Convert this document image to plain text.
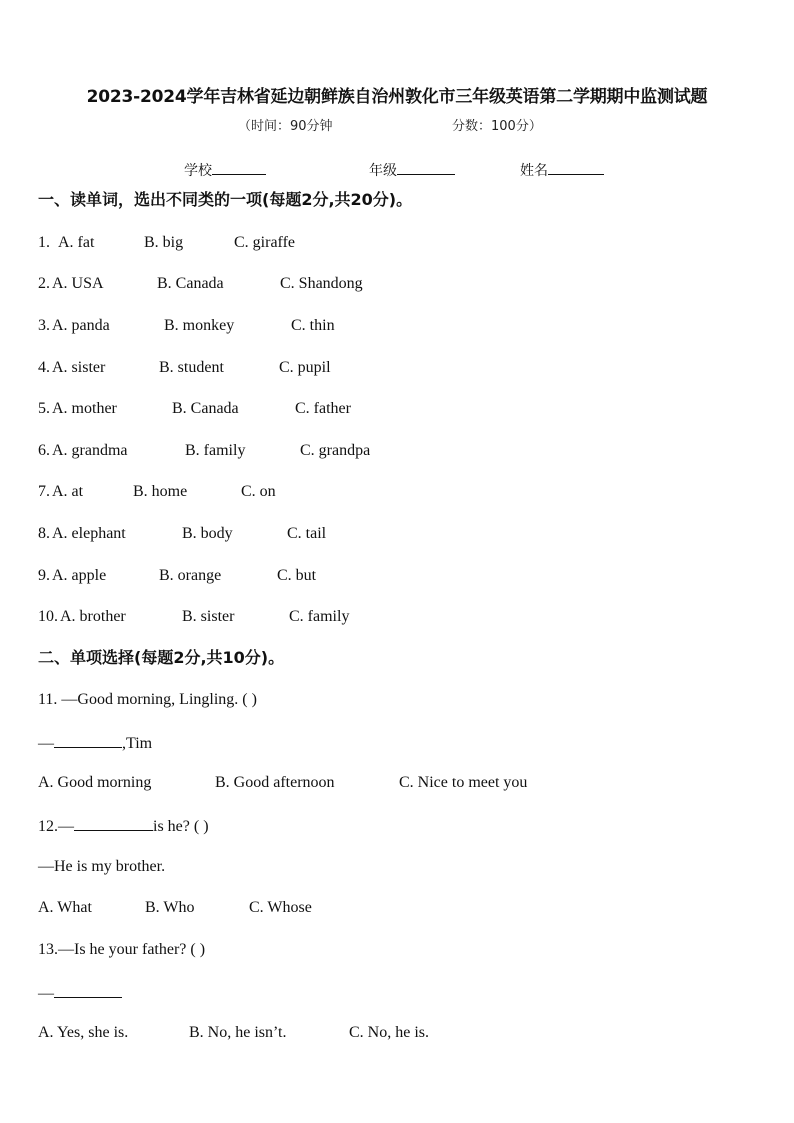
2023-2024学年吉林省延边朝鲜族自治州敦化市三年级英语第二学期期中监测试题
（时间：90分钟	分数：100分）
学校	年级	姓名
一、读单词，选出不同类的一项(每题2分,共20分)。
1. A. fat	B. big	C. giraffe
2. A. USA	B. Canada	C. Shandong
3. A. panda	B. monkey	C. thin
4. A. sister	B. student	C. pupil
5. A. mother	B. Canada	C. father
6. A. grandma	B. family	C. grandpa
7. A. at	B. home	C. on
8. A. elephant	B. body	C. tail
9. A. apple	B. orange	C. but
10. A. brother	B. sister	C. family
二、单项选择(每题2分,共10分)。
11. —Good morning, Lingling. ( )
—	,Tim
A. Good morning	B. Good afternoon	C. Nice to meet you
12.—	is he? ( )
—He is my brother.
A. What	B. Who	C. Whose
13.—Is he your father? ( )
—
A. Yes, she is.	B. No, he isn’t.	C. No, he is.
